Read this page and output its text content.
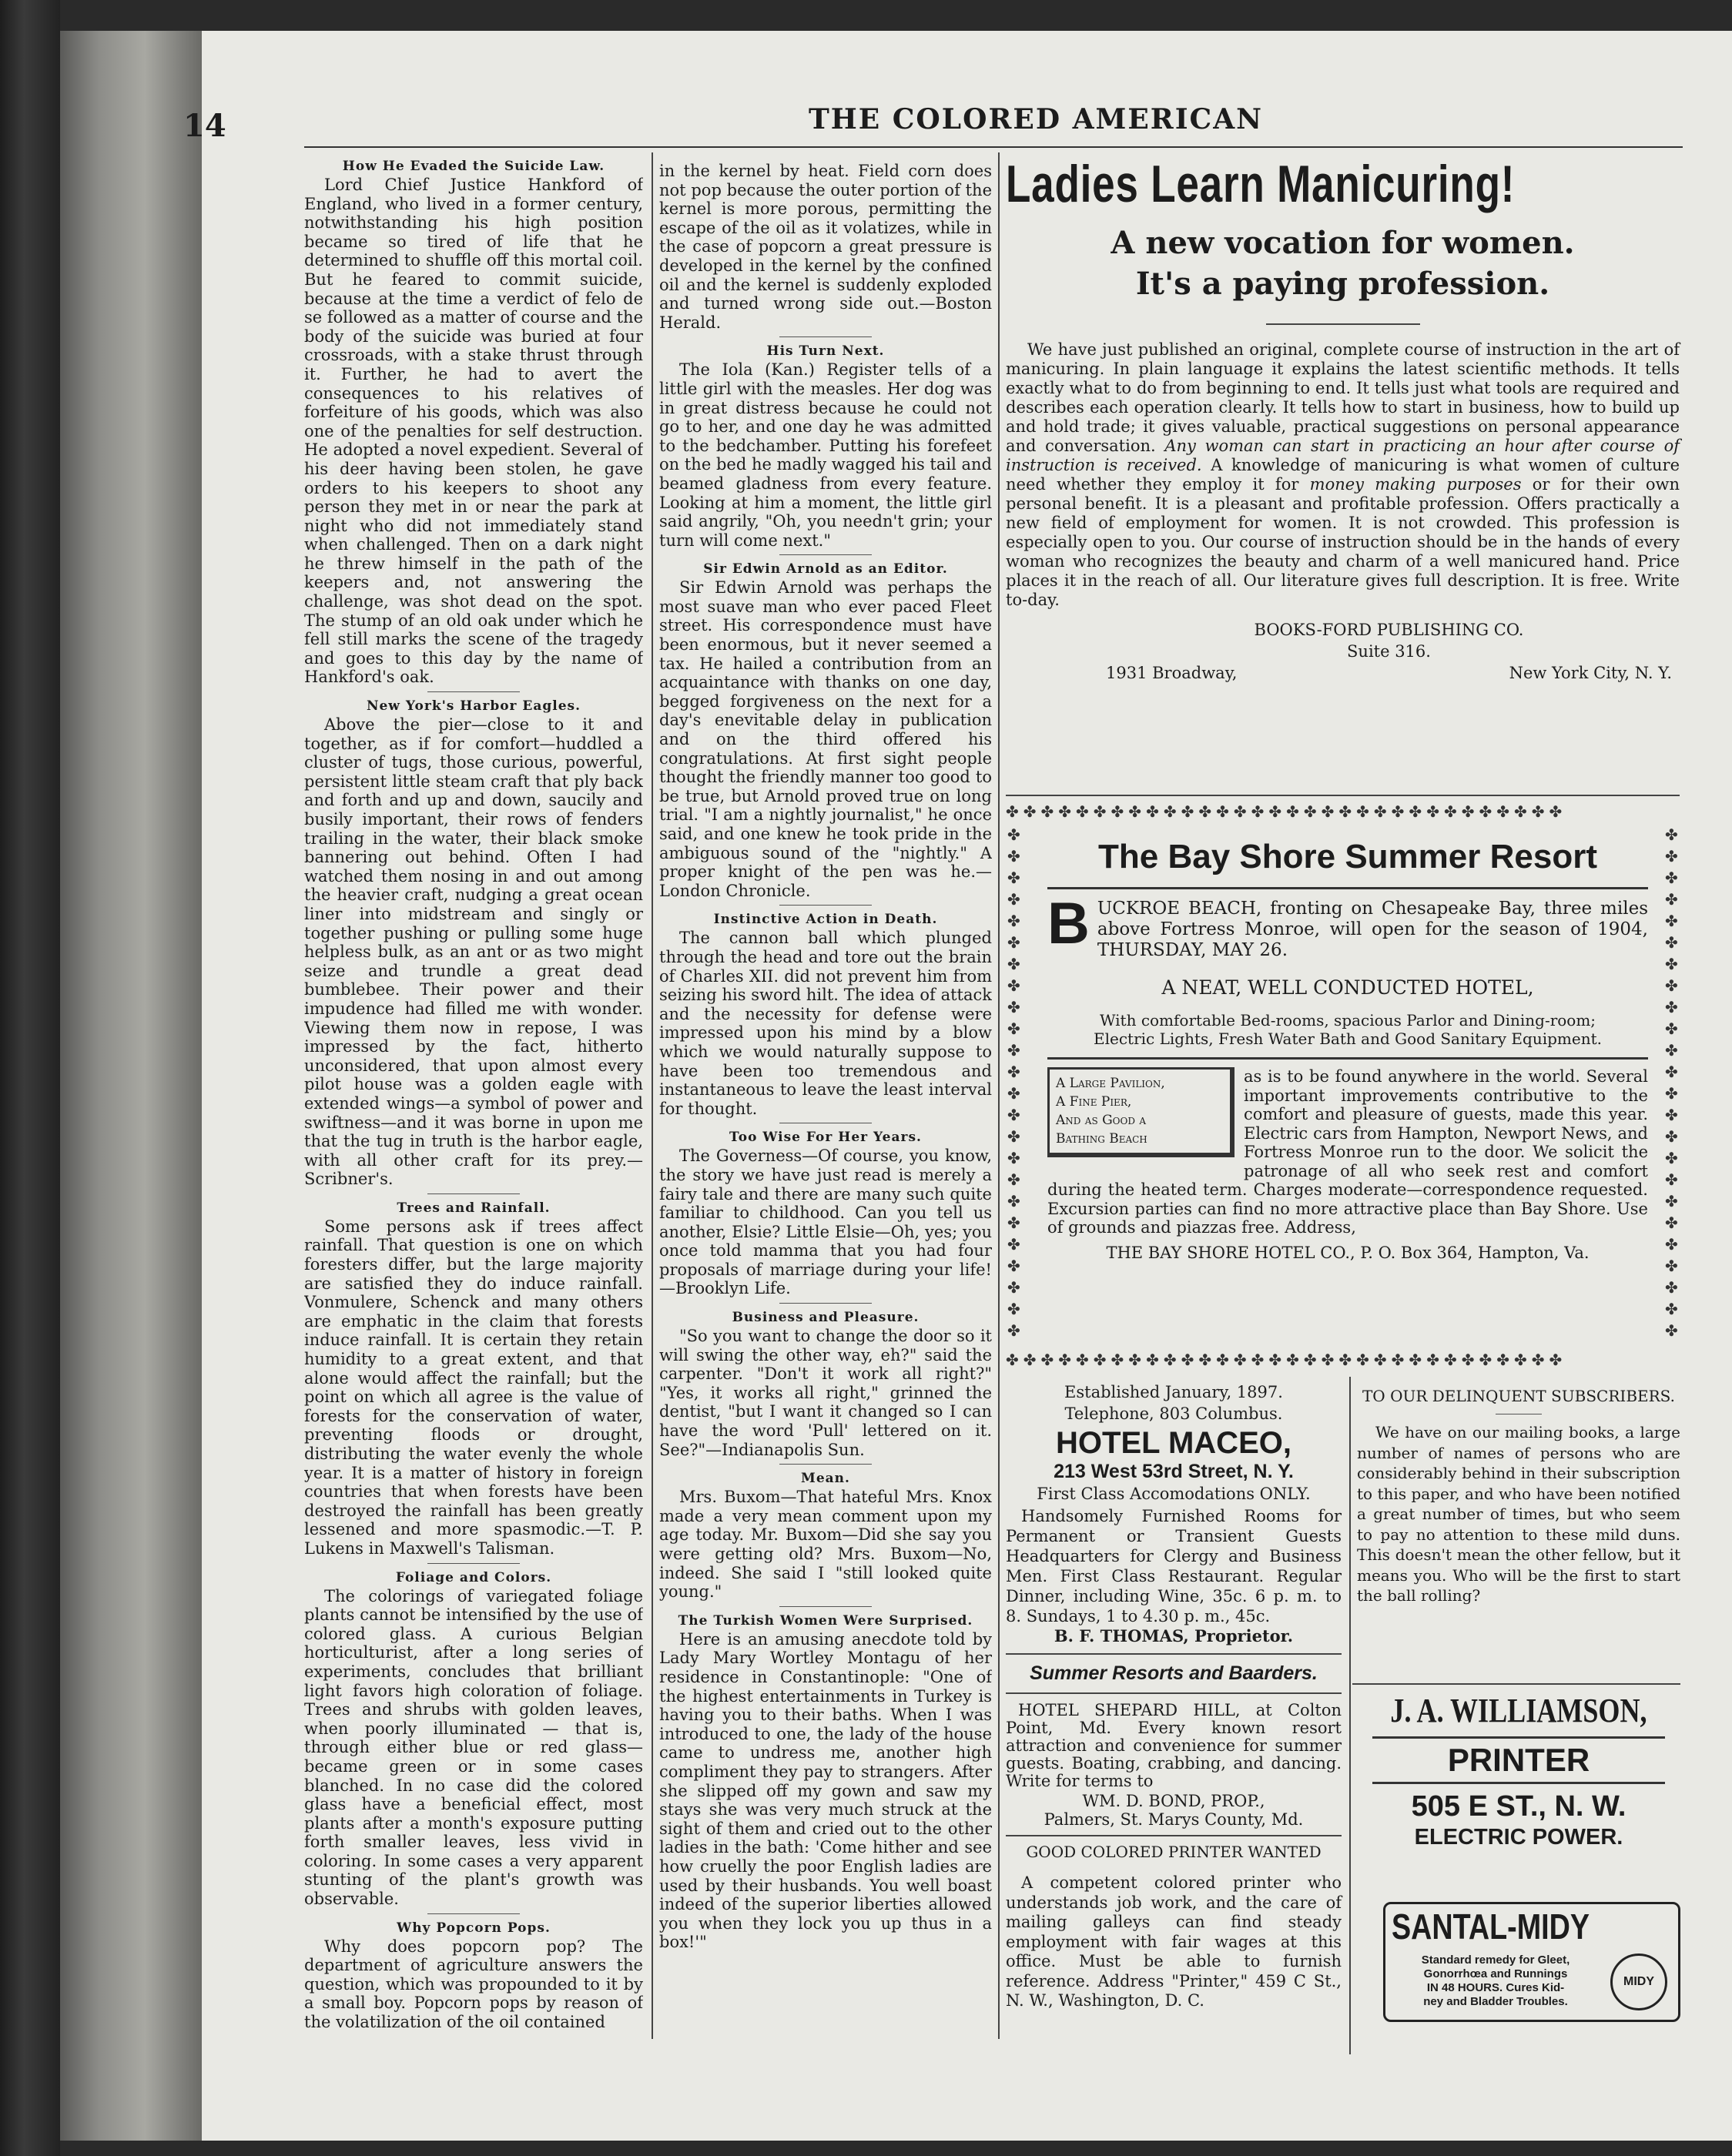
14	THE COLORED AMERICAN
How He Evaded the Suicide Law.

Lord Chief Justice Hankford of England, who lived in a former century, notwithstanding his high position became so tired of life that he determined to shuffle off this mortal coil. But he feared to commit suicide, because at the time a verdict of felo de se followed as a matter of course and the body of the suicide was buried at four crossroads, with a stake thrust through it. Further, he had to avert the consequences to his relatives of forfeiture of his goods, which was also one of the penalties for self destruction. He adopted a novel expedient. Several of his deer having been stolen, he gave orders to his keepers to shoot any person they met in or near the park at night who did not immediately stand when challenged. Then on a dark night he threw himself in the path of the keepers and, not answering the challenge, was shot dead on the spot. The stump of an old oak under which he fell still marks the scene of the tragedy and goes to this day by the name of Hankford's oak.

New York's Harbor Eagles.

Above the pier—close to it and together, as if for comfort—huddled a cluster of tugs, those curious, powerful, persistent little steam craft that ply back and forth and up and down, saucily and busily important, their rows of fenders trailing in the water, their black smoke bannering out behind. Often I had watched them nosing in and out among the heavier craft, nudging a great ocean liner into midstream and singly or together pushing or pulling some huge helpless bulk, as an ant or as two might seize and trundle a great dead bumblebee. Their power and their impudence had filled me with wonder. Viewing them now in repose, I was impressed by the fact, hitherto unconsidered, that upon almost every pilot house was a golden eagle with extended wings—a symbol of power and swiftness—and it was borne in upon me that the tug in truth is the harbor eagle, with all other craft for its prey.—Scribner's.

Trees and Rainfall.

Some persons ask if trees affect rainfall. That question is one on which foresters differ, but the large majority are satisfied they do induce rainfall. Vonmulere, Schenck and many others are emphatic in the claim that forests induce rainfall. It is certain they retain humidity to a great extent, and that alone would affect the rainfall; but the point on which all agree is the value of forests for the conservation of water, preventing floods or drought, distributing the water evenly the whole year. It is a matter of history in foreign countries that when forests have been destroyed the rainfall has been greatly lessened and more spasmodic.—T. P. Lukens in Maxwell's Talisman.

Foliage and Colors.

The colorings of variegated foliage plants cannot be intensified by the use of colored glass. A curious Belgian horticulturist, after a long series of experiments, concludes that brilliant light favors high coloration of foliage. Trees and shrubs with golden leaves, when poorly illuminated — that is, through either blue or red glass—became green or in some cases blanched. In no case did the colored glass have a beneficial effect, most plants after a month's exposure putting forth smaller leaves, less vivid in coloring. In some cases a very apparent stunting of the plant's growth was observable.

Why Popcorn Pops.

Why does popcorn pop? The department of agriculture answers the question, which was propounded to it by a small boy. Popcorn pops by reason of the volatilization of the oil contained

in the kernel by heat. Field corn does not pop because the outer portion of the kernel is more porous, permitting the escape of the oil as it volatizes, while in the case of popcorn a great pressure is developed in the kernel by the confined oil and the kernel is suddenly exploded and turned wrong side out.—Boston Herald.

His Turn Next.

The Iola (Kan.) Register tells of a little girl with the measles. Her dog was in great distress because he could not go to her, and one day he was admitted to the bedchamber. Putting his forefeet on the bed he madly wagged his tail and beamed gladness from every feature. Looking at him a moment, the little girl said angrily, "Oh, you needn't grin; your turn will come next."

Sir Edwin Arnold as an Editor.

Sir Edwin Arnold was perhaps the most suave man who ever paced Fleet street. His correspondence must have been enormous, but it never seemed a tax. He hailed a contribution from an acquaintance with thanks on one day, begged forgiveness on the next for a day's enevitable delay in publication and on the third offered his congratulations. At first sight people thought the friendly manner too good to be true, but Arnold proved true on long trial. "I am a nightly journalist," he once said, and one knew he took pride in the ambiguous sound of the "nightly." A proper knight of the pen was he.—London Chronicle.

Instinctive Action in Death.

The cannon ball which plunged through the head and tore out the brain of Charles XII. did not prevent him from seizing his sword hilt. The idea of attack and the necessity for defense were impressed upon his mind by a blow which we would naturally suppose to have been too tremendous and instantaneous to leave the least interval for thought.

Too Wise For Her Years.

The Governess—Of course, you know, the story we have just read is merely a fairy tale and there are many such quite familiar to childhood. Can you tell us another, Elsie? Little Elsie—Oh, yes; you once told mamma that you had four proposals of marriage during your life!—Brooklyn Life.

Business and Pleasure.

"So you want to change the door so it will swing the other way, eh?" said the carpenter. "Don't it work all right?" "Yes, it works all right," grinned the dentist, "but I want it changed so I can have the word 'Pull' lettered on it. See?"—Indianapolis Sun.

Mean.

Mrs. Buxom—That hateful Mrs. Knox made a very mean comment upon my age today. Mr. Buxom—Did she say you were getting old? Mrs. Buxom—No, indeed. She said I "still looked quite young."

The Turkish Women Were Surprised.

Here is an amusing anecdote told by Lady Mary Wortley Montagu of her residence in Constantinople: "One of the highest entertainments in Turkey is having you to their baths. When I was introduced to one, the lady of the house came to undress me, another high compliment they pay to strangers. After she slipped off my gown and saw my stays she was very much struck at the sight of them and cried out to the other ladies in the bath: 'Come hither and see how cruelly the poor English ladies are used by their husbands. You well boast indeed of the superior liberties allowed you when they lock you up thus in a box!'"

Ladies Learn Manicuring!
A new vocation for women.
It's a paying profession.
We have just published an original, complete course of instruction in the art of manicuring. In plain language it explains the latest scientific methods. It tells exactly what to do from beginning to end. It tells just what tools are required and describes each operation clearly. It tells how to start in business, how to build up and hold trade; it gives valuable, practical suggestions on personal appearance and conversation. Any woman can start in practicing an hour after course of instruction is received. A knowledge of manicuring is what women of culture need whether they employ it for money making purposes or for their own personal benefit. It is a pleasant and profitable profession. Offers practically a new field of employment for women. It is not crowded. This profession is especially open to you. Our course of instruction should be in the hands of every woman who recognizes the beauty and charm of a well manicured hand. Price places it in the reach of all. Our literature gives full description. It is free. Write to-day.
BOOKS-FORD PUBLISHING CO.
Suite 316.
1931 Broadway,	New York City, N. Y.
✤✤✤✤✤✤✤✤✤✤✤✤✤✤✤✤✤✤✤✤✤✤✤✤✤✤✤✤✤✤✤✤
✤ ✤ ✤ ✤ ✤ ✤ ✤ ✤ ✤ ✤ ✤ ✤ ✤ ✤ ✤ ✤ ✤ ✤ ✤ ✤ ✤ ✤ ✤ ✤
✤ ✤ ✤ ✤ ✤ ✤ ✤ ✤ ✤ ✤ ✤ ✤ ✤ ✤ ✤ ✤ ✤ ✤ ✤ ✤ ✤ ✤ ✤ ✤
✤✤✤✤✤✤✤✤✤✤✤✤✤✤✤✤✤✤✤✤✤✤✤✤✤✤✤✤✤✤✤✤
The Bay Shore Summer Resort
B UCKROE BEACH, fronting on Chesapeake Bay, three miles above Fortress Monroe, will open for the season of 1904, THURSDAY, MAY 26.
A NEAT, WELL CONDUCTED HOTEL,
With comfortable Bed-rooms, spacious Parlor and Dining-room; Electric Lights, Fresh Water Bath and Good Sanitary Equipment.
A Large Pavilion,
A Fine Pier,
And as Good a
Bathing Beach
as is to be found anywhere in the world. Several important improvements contributive to the comfort and pleasure of guests, made this year. Electric cars from Hampton, Newport News, and Fortress Monroe run to the door. We solicit the patronage of all who seek rest and comfort during the heated term. Charges moderate—correspondence requested. Excursion parties can find no more attractive place than Bay Shore. Use of grounds and piazzas free. Address,
THE BAY SHORE HOTEL CO., P. O. Box 364, Hampton, Va.
Established January, 1897.
Telephone, 803 Columbus.
HOTEL MACEO,
213 West 53rd Street, N. Y.
First Class Accomodations ONLY.
Handsomely Furnished Rooms for Permanent or Transient Guests Headquarters for Clergy and Business Men. First Class Restaurant. Regular Dinner, including Wine, 35c. 6 p. m. to 8. Sundays, 1 to 4.30 p. m., 45c.
B. F. THOMAS, Proprietor.
Summer Resorts and Baarders.
HOTEL SHEPARD HILL, at Colton Point, Md. Every known resort attraction and convenience for summer guests. Boating, crabbing, and dancing. Write for terms to
WM. D. BOND, PROP.,
Palmers, St. Marys County, Md.
GOOD COLORED PRINTER WANTED
A competent colored printer who understands job work, and the care of mailing galleys can find steady employment with fair wages at this office. Must be able to furnish reference. Address "Printer," 459 C St., N. W., Washington, D. C.
TO OUR DELINQUENT SUBSCRIBERS.
We have on our mailing books, a large number of names of persons who are considerably behind in their subscription to this paper, and who have been notified a great number of times, but who seem to pay no attention to these mild duns. This doesn't mean the other fellow, but it means you. Who will be the first to start the ball rolling?
J. A. WILLIAMSON,
PRINTER
505 E ST., N. W.
ELECTRIC POWER.
SANTAL-MIDY
Standard remedy for Gleet,
Gonorrhœa and Runnings
IN 48 HOURS. Cures Kid-
ney and Bladder Troubles.
MIDY
